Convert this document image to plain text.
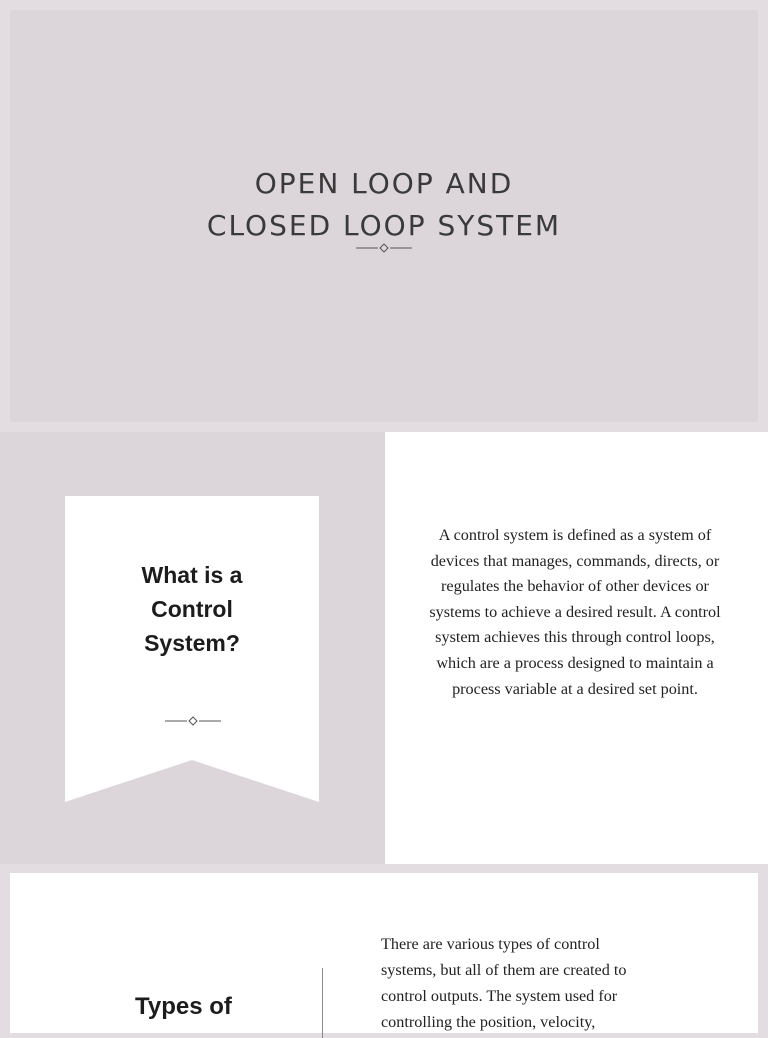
OPEN LOOP AND
CLOSED LOOP SYSTEM
What is a
Control
System?

A control system is defined as a system of devices that manages, commands, directs, or regulates the behavior of other devices or systems to achieve a desired result. A control system achieves this through control loops, which are a process designed to maintain a process variable at a desired set point.

Types of

There are various types of control
systems, but all of them are created to
control outputs. The system used for
controlling the position, velocity,
